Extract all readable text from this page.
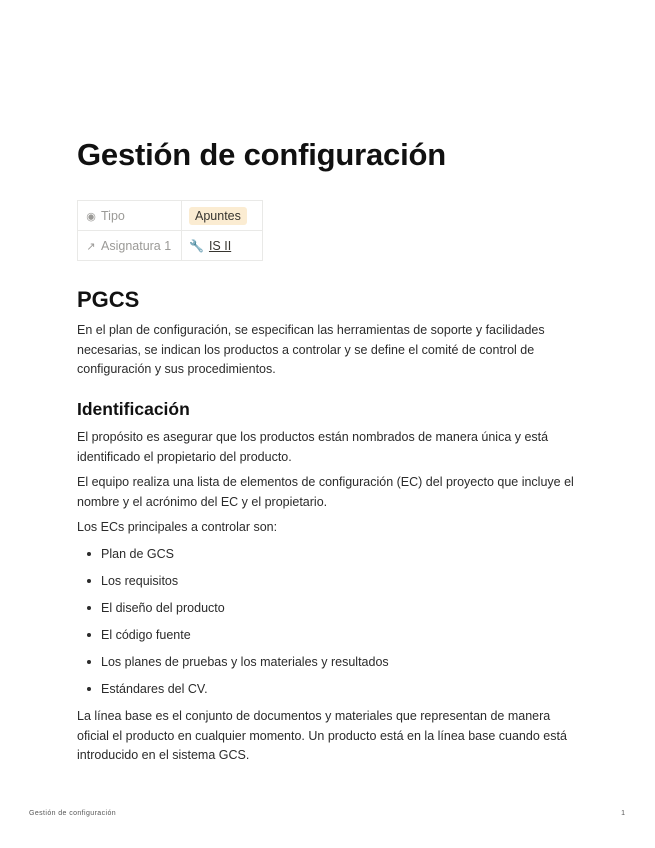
Gestión de configuración
◉ Tipo	Apuntes
↗ Asignatura 1	🔧 IS II
PGCS

En el plan de configuración, se especifican las herramientas de soporte y facilidades necesarias, se indican los productos a controlar y se define el comité de control de configuración y sus procedimientos.

Identificación

El propósito es asegurar que los productos están nombrados de manera única y está identificado el propietario del producto.

El equipo realiza una lista de elementos de configuración (EC) del proyecto que incluye el nombre y el acrónimo del EC y el propietario.

Los ECs principales a controlar son:

Plan de GCS
Los requisitos
El diseño del producto
El código fuente
Los planes de pruebas y los materiales y resultados
Estándares del CV.

La línea base es el conjunto de documentos y materiales que representan de manera oficial el producto en cualquier momento. Un producto está en la línea base cuando está introducido en el sistema GCS.

Gestión de configuración	1
